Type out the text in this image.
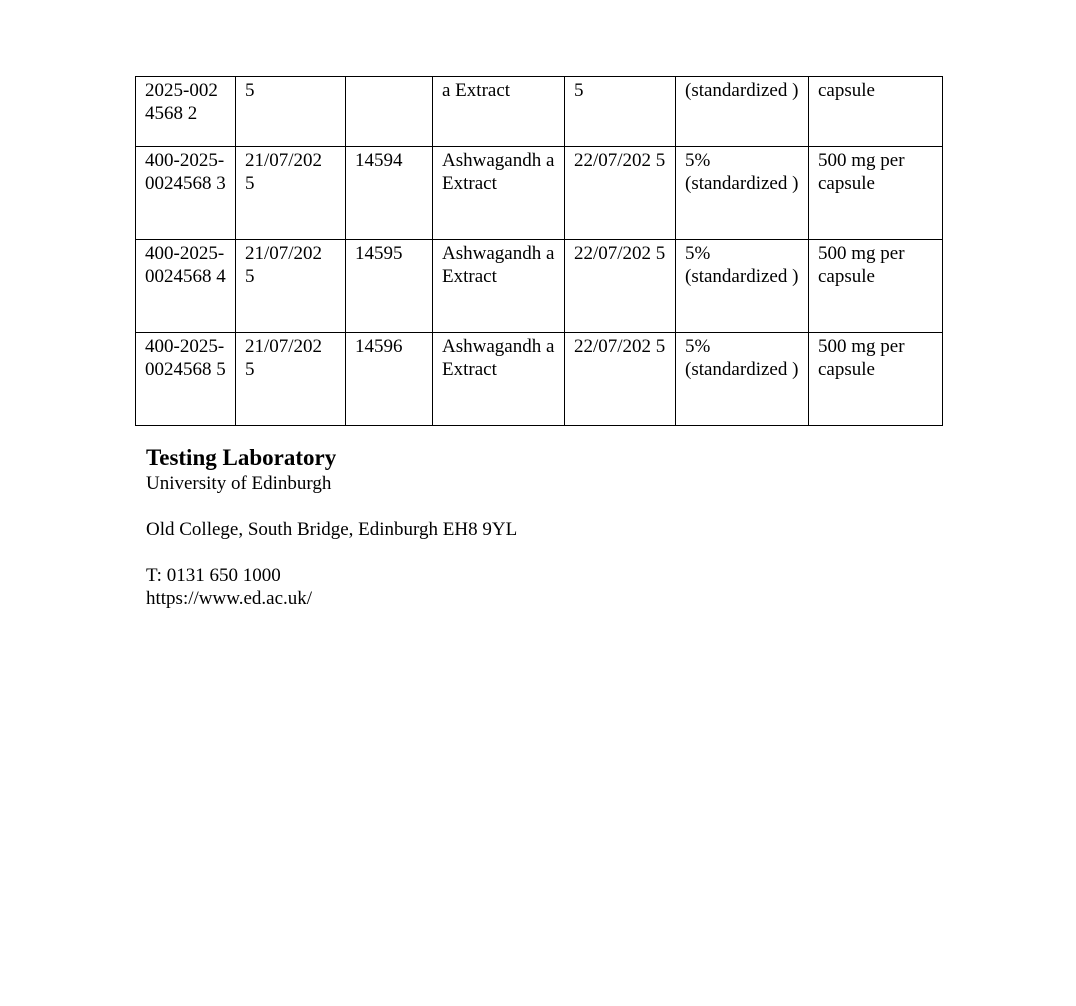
2025-0024568 2	5		a Extract	5	(standardized )	capsule
400-2025-0024568 3	21/07/202 5	14594	Ashwagandh a Extract	22/07/202 5	5% (standardized )	500 mg per capsule
400-2025-0024568 4	21/07/202 5	14595	Ashwagandh a Extract	22/07/202 5	5% (standardized )	500 mg per capsule
400-2025-0024568 5	21/07/202 5	14596	Ashwagandh a Extract	22/07/202 5	5% (standardized )	500 mg per capsule

Testing Laboratory

University of Edinburgh

Old College, South Bridge, Edinburgh EH8 9YL

T: 0131 650 1000

https://www.ed.ac.uk/
